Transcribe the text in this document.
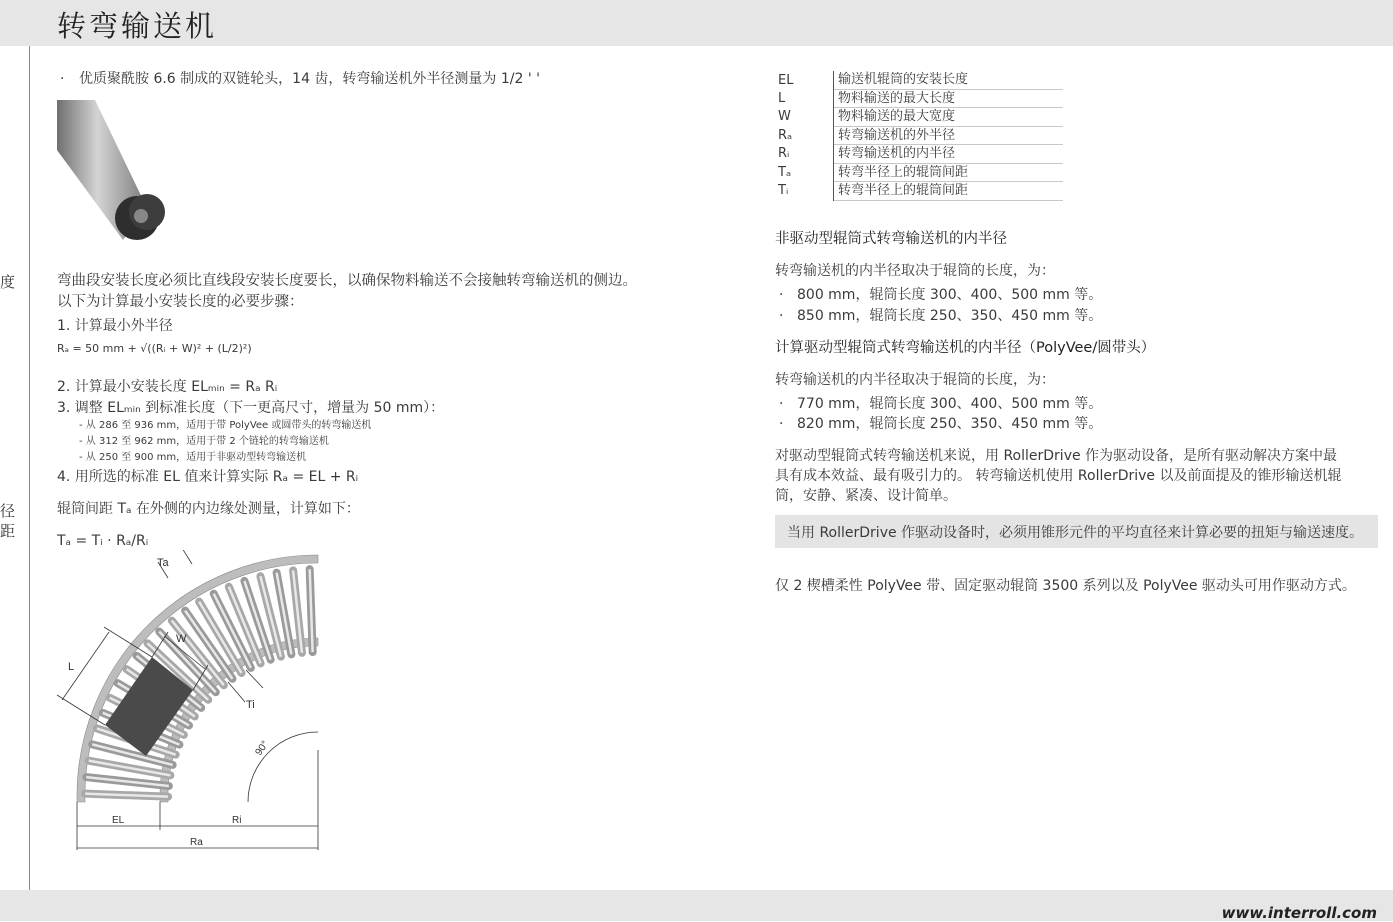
转弯输送机
度
径
距
· 优质聚酰胺 6.6 制成的双链轮头，14 齿，转弯输送机外半径测量为 1/2 ' '
弯曲段安装长度必须比直线段安装长度要长，以确保物料输送不会接触转弯输送机的侧边。
以下为计算最小安装长度的必要步骤：
1. 计算最小外半径
Rₐ = 50 mm + √((Rᵢ + W)² + (L/2)²)
2. 计算最小安装长度 ELₘᵢₙ = Rₐ Rᵢ
3. 调整 ELₘᵢₙ 到标准长度（下一更高尺寸，增量为 50 mm）：
- 从 286 至 936 mm，适用于带 PolyVee 或圆带头的转弯输送机
- 从 312 至 962 mm，适用于带 2 个链轮的转弯输送机
- 从 250 至 900 mm，适用于非驱动型转弯输送机
4. 用所选的标准 EL 值来计算实际 Rₐ = EL + Rᵢ
辊筒间距 Tₐ 在外侧的内边缘处测量，计算如下：
Tₐ = Tᵢ · Rₐ/Rᵢ
L
W
Ta
Ti
90°
EL	Ri
Ra
EL	输送机辊筒的安装长度
L	物料输送的最大长度
W	物料输送的最大宽度
Rₐ	转弯输送机的外半径
Rᵢ	转弯输送机的内半径
Tₐ	转弯半径上的辊筒间距
Tᵢ	转弯半径上的辊筒间距
非驱动型辊筒式转弯输送机的内半径
转弯输送机的内半径取决于辊筒的长度，为：
· 800 mm，辊筒长度 300、400、500 mm 等。
· 850 mm，辊筒长度 250、350、450 mm 等。
计算驱动型辊筒式转弯输送机的内半径（PolyVee/圆带头）
转弯输送机的内半径取决于辊筒的长度，为：
· 770 mm，辊筒长度 300、400、500 mm 等。
· 820 mm，辊筒长度 250、350、450 mm 等。
对驱动型辊筒式转弯输送机来说，用 RollerDrive 作为驱动设备，是所有驱动解决方案中最
具有成本效益、最有吸引力的。 转弯输送机使用 RollerDrive 以及前面提及的锥形输送机辊
筒，安静、紧凑、设计简单。
当用 RollerDrive 作驱动设备时，必须用锥形元件的平均直径来计算必要的扭矩与输送速度。
仅 2 楔槽柔性 PolyVee 带、固定驱动辊筒 3500 系列以及 PolyVee 驱动头可用作驱动方式。
www.interroll.com
